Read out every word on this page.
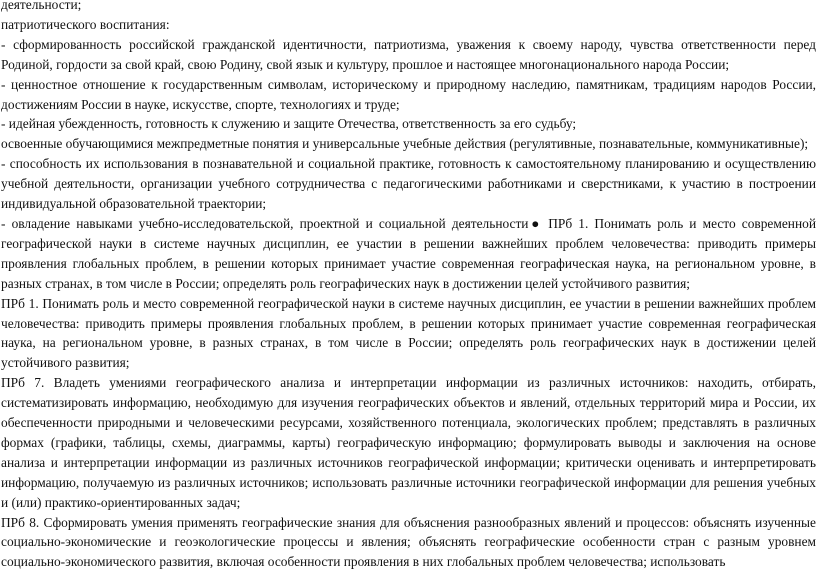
деятельности;

патриотического воспитания:

- сформированность российской гражданской идентичности, патриотизма, уважения к своему народу, чувства ответственности перед Родиной, гордости за свой край, свою Родину, свой язык и культуру, прошлое и настоящее многонационального народа России;

- ценностное отношение к государственным символам, историческому и природному наследию, памятникам, традициям народов России, достижениям России в науке, искусстве, спорте, технологиях и труде;

- идейная убежденность, готовность к служению и защите Отечества, ответственность за его судьбу;

освоенные обучающимися межпредметные понятия и универсальные учебные действия (регулятивные, познавательные, коммуникативные);

- способность их использования в познавательной и социальной практике, готовность к самостоятельному планированию и осуществлению учебной деятельности, организации учебного сотрудничества с педагогическими работниками и сверстниками, к участию в построении индивидуальной образовательной траектории;

- овладение навыками учебно-исследовательской, проектной и социальной деятельности● ПРб 1. Понимать роль и место современной географической науки в системе научных дисциплин, ее участии в решении важнейших проблем человечества: приводить примеры проявления глобальных проблем, в решении которых принимает участие современная географическая наука, на региональном уровне, в разных странах, в том числе в России; определять роль географических наук в достижении целей устойчивого развития;

ПРб 1. Понимать роль и место современной географической науки в системе научных дисциплин, ее участии в решении важнейших проблем человечества: приводить примеры проявления глобальных проблем, в решении которых принимает участие современная географическая наука, на региональном уровне, в разных странах, в том числе в России; определять роль географических наук в достижении целей устойчивого развития;

ПРб 7. Владеть умениями географического анализа и интерпретации информации из различных источников: находить, отбирать, систематизировать информацию, необходимую для изучения географических объектов и явлений, отдельных территорий мира и России, их обеспеченности природными и человеческими ресурсами, хозяйственного потенциала, экологических проблем; представлять в различных формах (графики, таблицы, схемы, диаграммы, карты) географическую информацию; формулировать выводы и заключения на основе анализа и интерпретации информации из различных источников географической информации; критически оценивать и интерпретировать информацию, получаемую из различных источников; использовать различные источники географической информации для решения учебных и (или) практико-ориентированных задач;

ПРб 8. Сформировать умения применять географические знания для объяснения разнообразных явлений и процессов: объяснять изученные социально-экономические и геоэкологические процессы и явления; объяснять географические особенности стран с разным уровнем социально-экономического развития, включая особенности проявления в них глобальных проблем человечества; использовать
